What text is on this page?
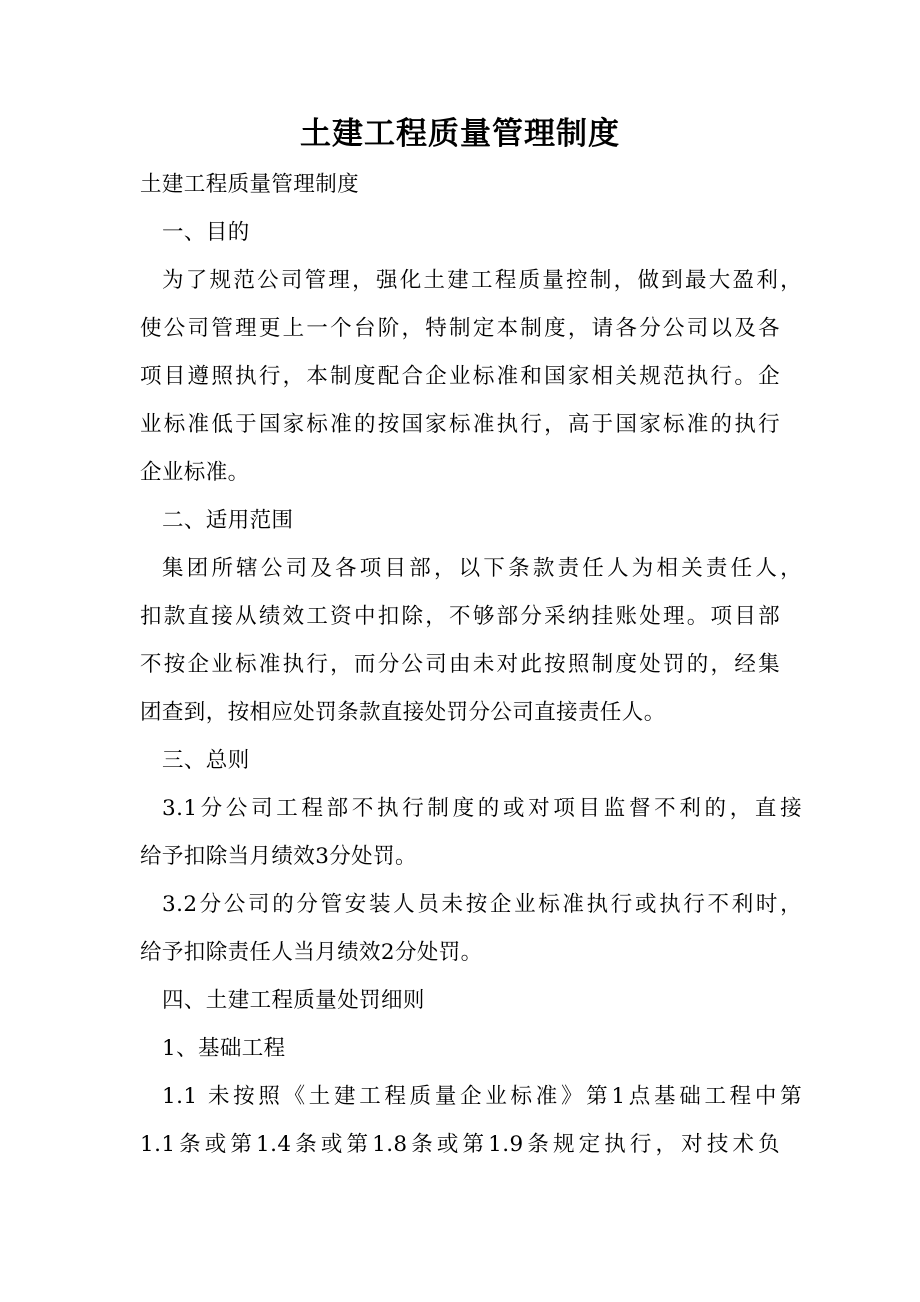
土建工程质量管理制度
土建工程质量管理制度
一、目的
为了规范公司管理，强化土建工程质量控制，做到最大盈利，
使公司管理更上一个台阶，特制定本制度，请各分公司以及各
项目遵照执行，本制度配合企业标准和国家相关规范执行。企
业标准低于国家标准的按国家标准执行，高于国家标准的执行
企业标准。
二、适用范围
集团所辖公司及各项目部，以下条款责任人为相关责任人，
扣款直接从绩效工资中扣除，不够部分采纳挂账处理。项目部
不按企业标准执行，而分公司由未对此按照制度处罚的，经集
团查到，按相应处罚条款直接处罚分公司直接责任人。
三、总则
3.1分公司工程部不执行制度的或对项目监督不利的，直接
给予扣除当月绩效3分处罚。
3.2分公司的分管安装人员未按企业标准执行或执行不利时，
给予扣除责任人当月绩效2分处罚。
四、土建工程质量处罚细则
1、基础工程
1.1 未按照《土建工程质量企业标准》第1点基础工程中第
1.1条或第1.4条或第1.8条或第1.9条规定执行，对技术负
